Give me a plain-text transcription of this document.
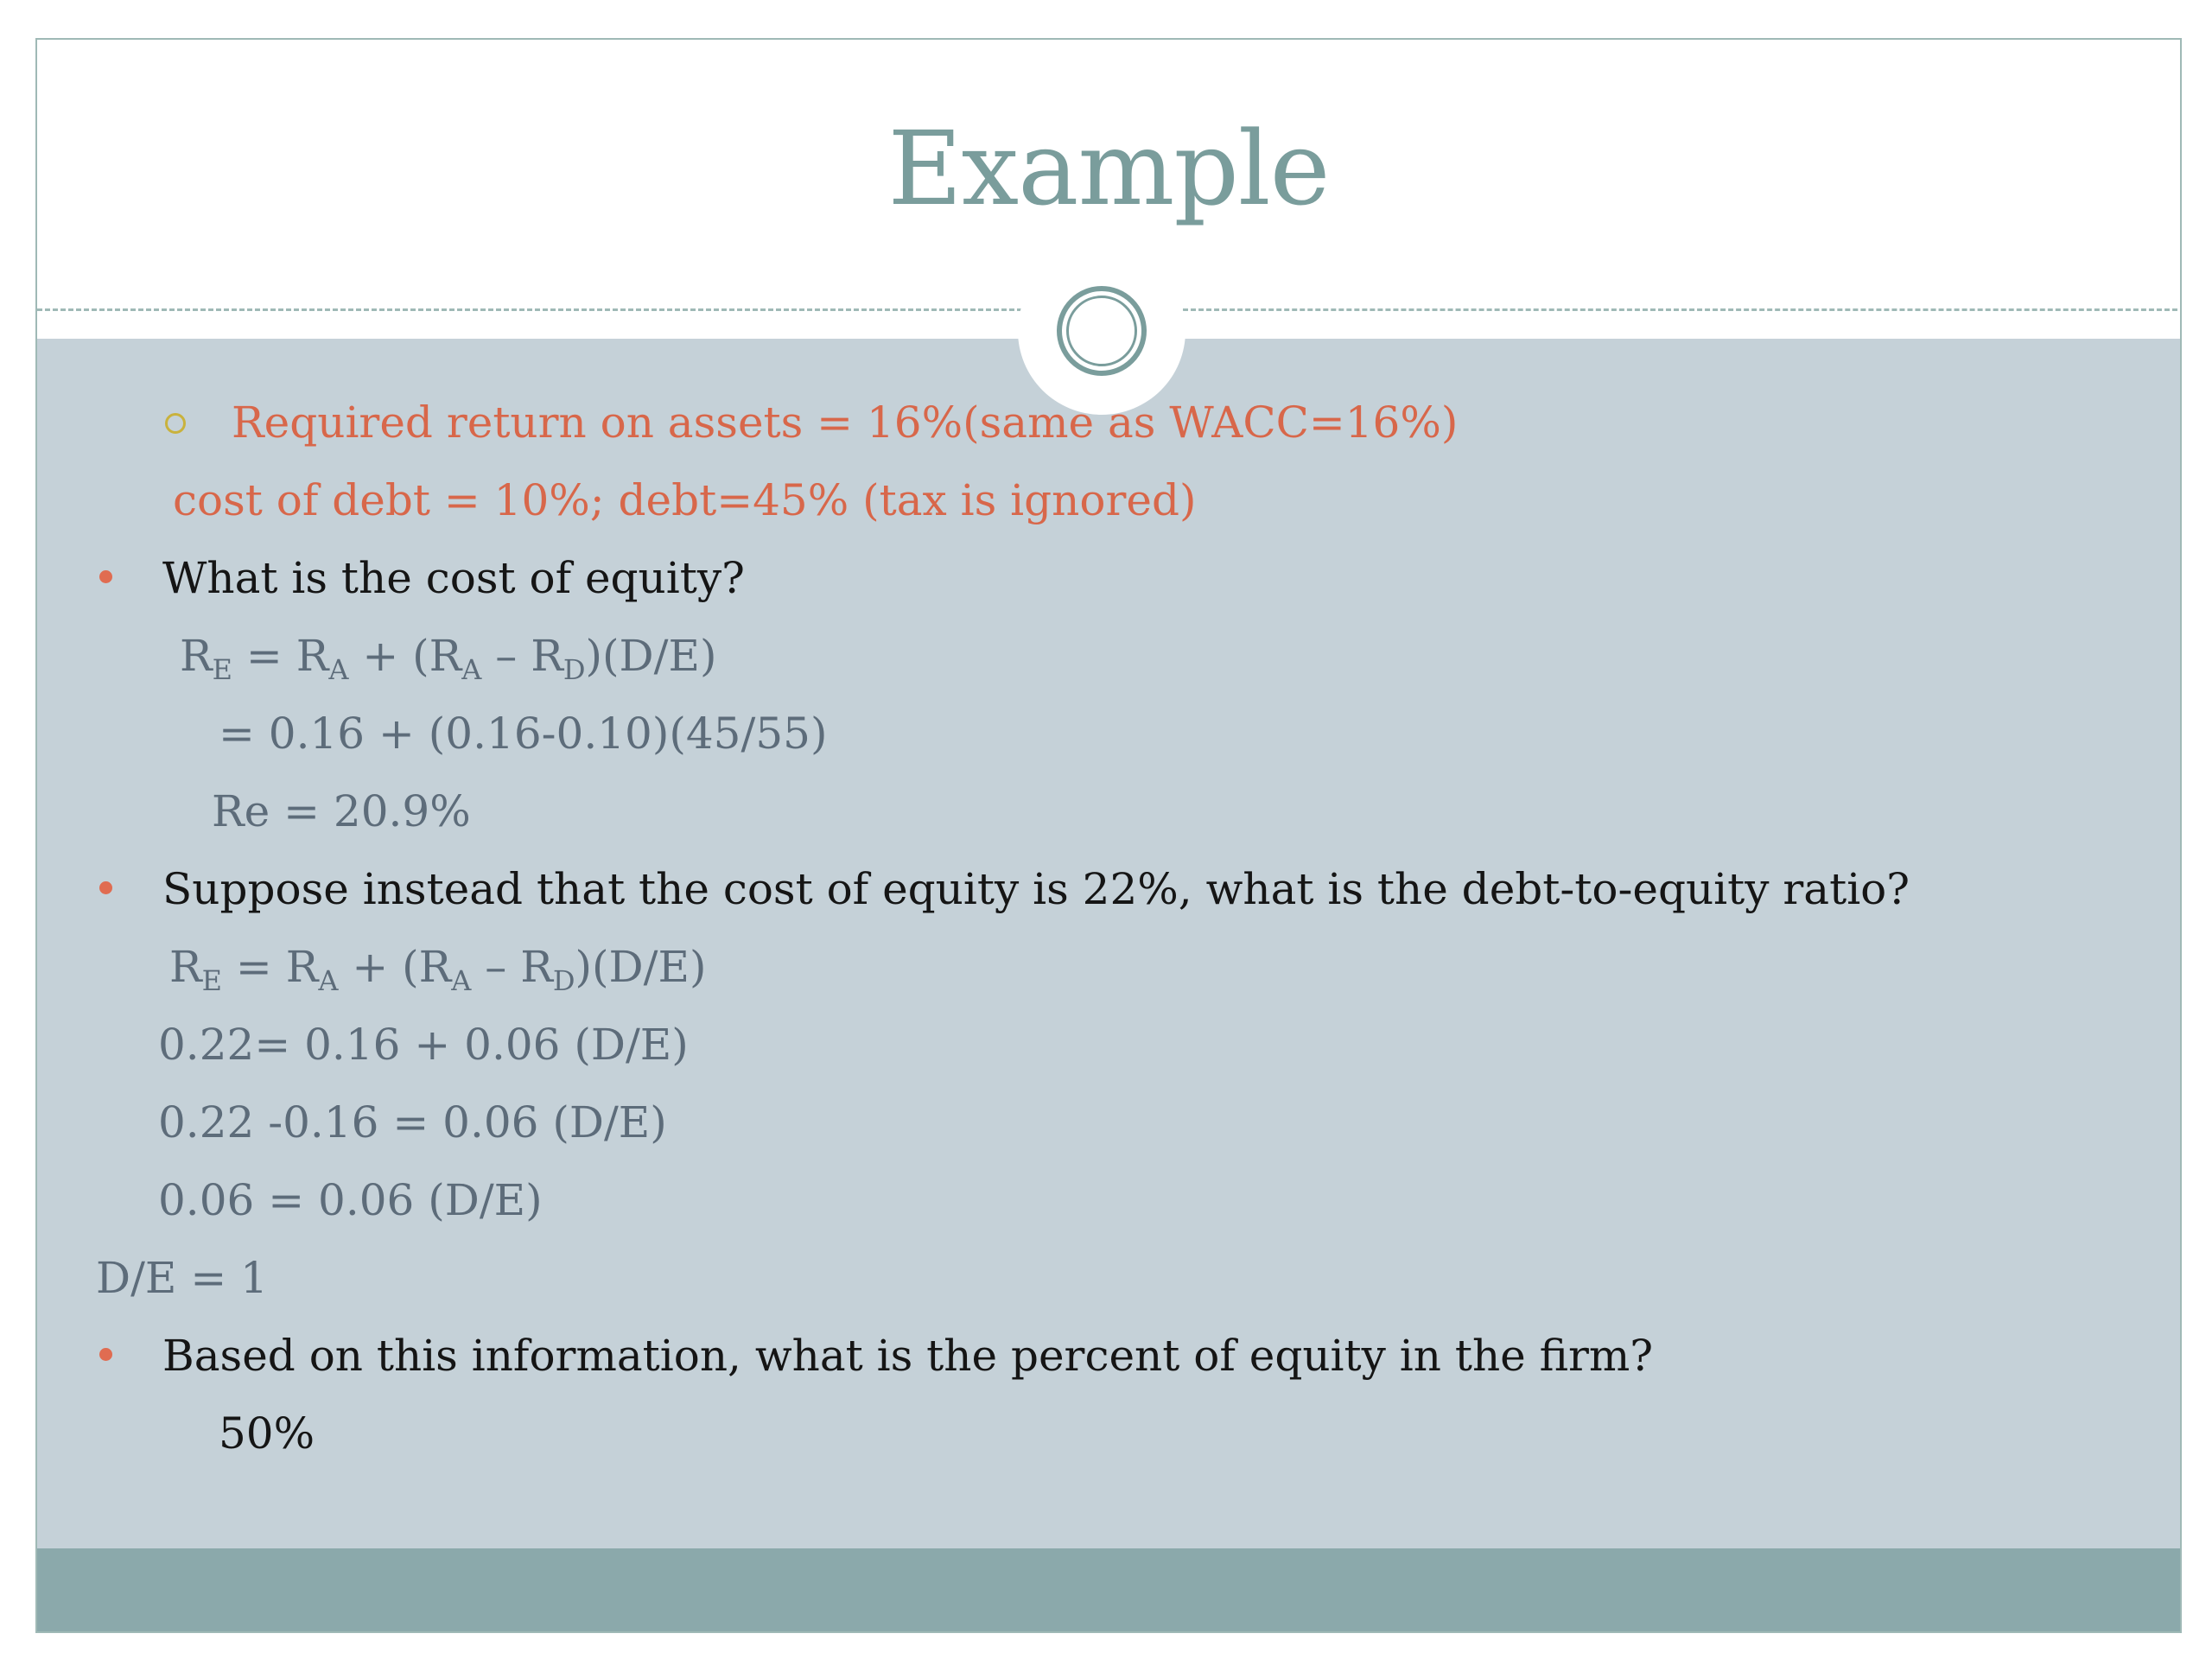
Example
Required return on assets = 16%(same as WACC=16%)
cost of debt = 10%; debt=45% (tax is ignored)
What is the cost of equity?
$R_E = R_A + (R_A - R_D)(D/E)$
= 0.16 + (0.16-0.10)(45/55)
Re = 20.9%
Suppose instead that the cost of equity is 22%, what is the debt-to-equity ratio?
$R_E = R_A + (R_A - R_D)(D/E)$
0.22= 0.16 + 0.06 (D/E)
0.22 -0.16 = 0.06 (D/E)
0.06 = 0.06 (D/E)
D/E = 1
Based on this information, what is the percent of equity in the firm?
50%
